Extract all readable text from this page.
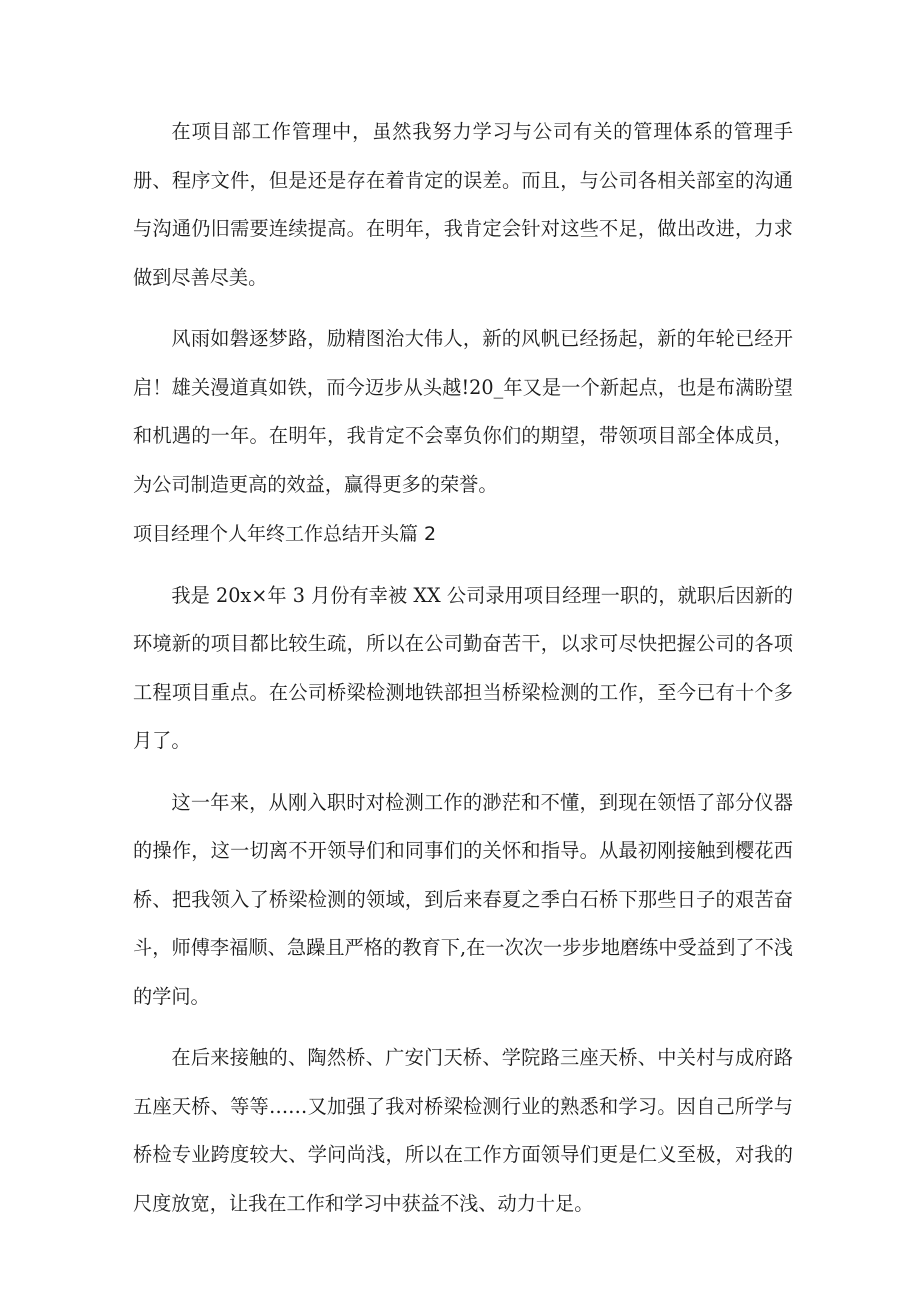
在项目部工作管理中，虽然我努力学习与公司有关的管理体系的管理手册、程序文件，但是还是存在着肯定的误差。而且，与公司各相关部室的沟通与沟通仍旧需要连续提高。在明年，我肯定会针对这些不足，做出改进，力求做到尽善尽美。

风雨如磐逐梦路，励精图治大伟人，新的风帆已经扬起，新的年轮已经开启！雄关漫道真如铁，而今迈步从头越!20_年又是一个新起点，也是布满盼望和机遇的一年。在明年，我肯定不会辜负你们的期望，带领项目部全体成员，为公司制造更高的效益，赢得更多的荣誉。

项目经理个人年终工作总结开头篇 2

我是 20x×年 3 月份有幸被 XX 公司录用项目经理一职的，就职后因新的环境新的项目都比较生疏，所以在公司勤奋苦干，以求可尽快把握公司的各项工程项目重点。在公司桥梁检测地铁部担当桥梁检测的工作，至今已有十个多月了。

这一年来，从刚入职时对检测工作的渺茫和不懂，到现在领悟了部分仪器的操作，这一切离不开领导们和同事们的关怀和指导。从最初刚接触到樱花西桥、把我领入了桥梁检测的领域，到后来春夏之季白石桥下那些日子的艰苦奋斗，师傅李福顺、急躁且严格的教育下,在一次次一步步地磨练中受益到了不浅的学问。

在后来接触的、陶然桥、广安门天桥、学院路三座天桥、中关村与成府路五座天桥、等等……又加强了我对桥梁检测行业的熟悉和学习。因自己所学与桥检专业跨度较大、学问尚浅，所以在工作方面领导们更是仁义至极，对我的尺度放宽，让我在工作和学习中获益不浅、动力十足。
